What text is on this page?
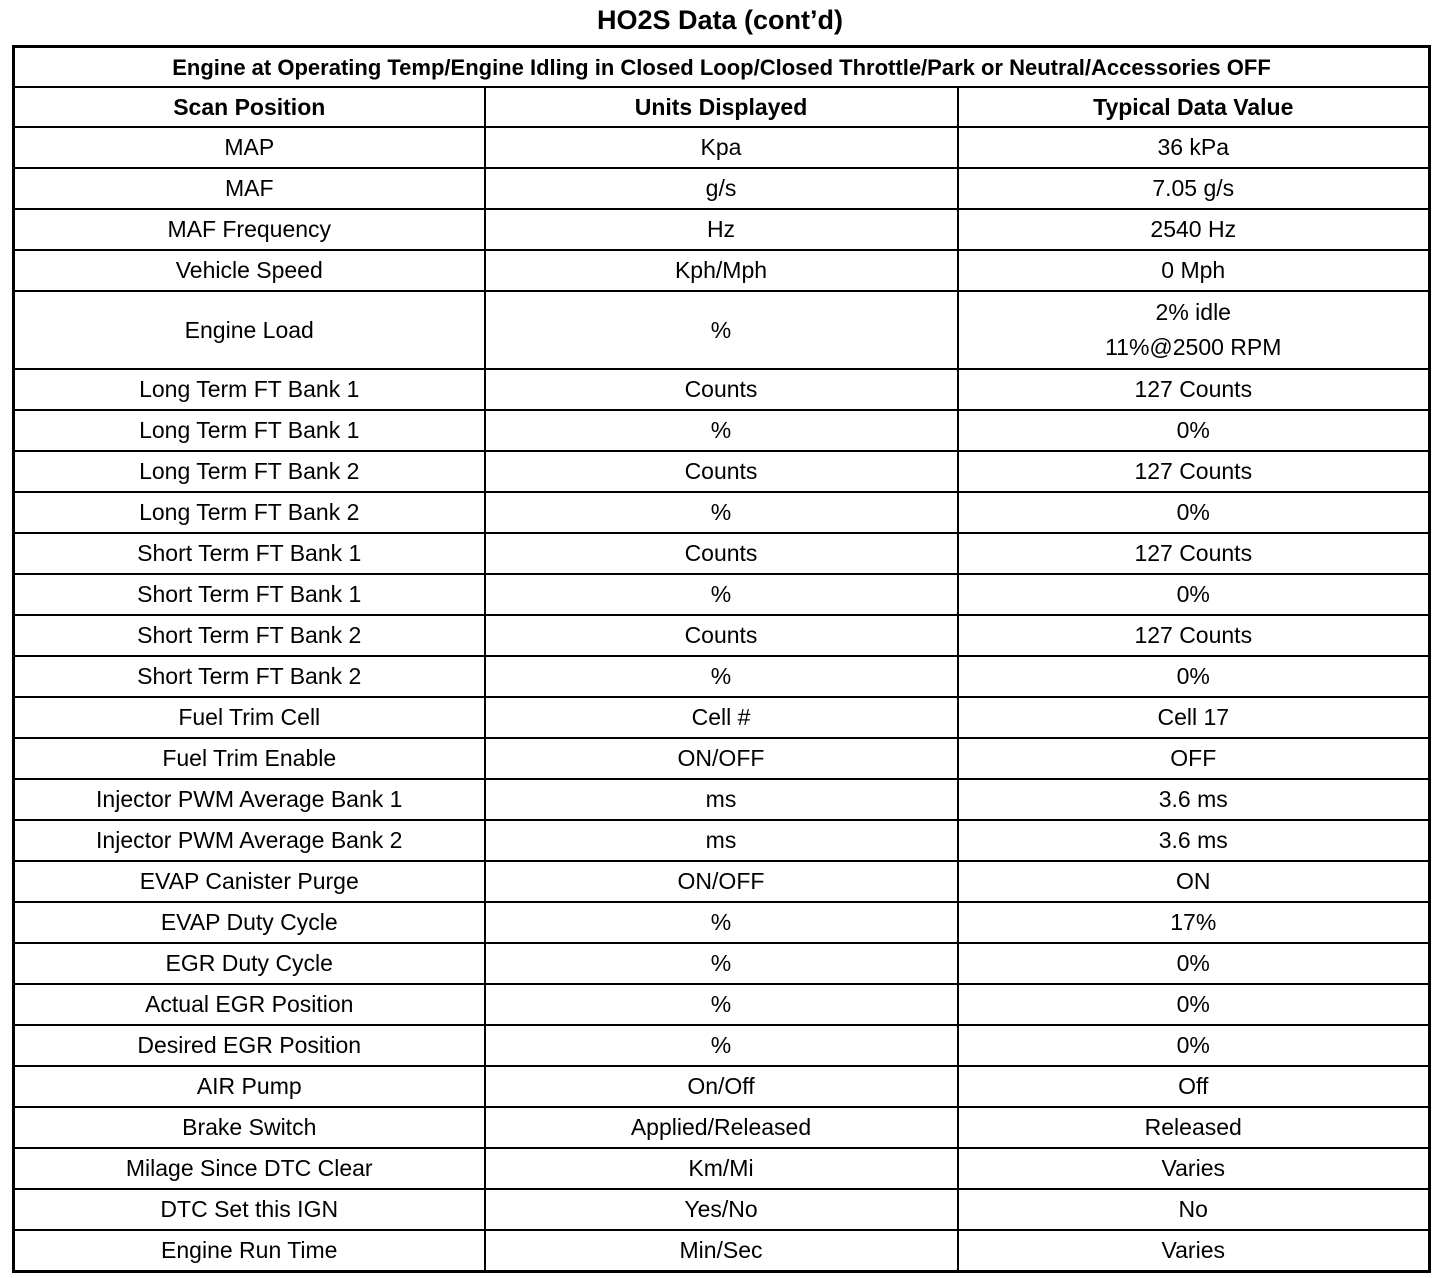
HO2S Data (cont’d)
Engine at Operating Temp/Engine Idling in Closed Loop/Closed Throttle/Park or Neutral/Accessories OFF		
Scan Position	Units Displayed	Typical Data Value
MAP	Kpa	36 kPa
MAF	g/s	7.05 g/s
MAF Frequency	Hz	2540 Hz
Vehicle Speed	Kph/Mph	0 Mph
Engine Load	%	2% idle
11%@2500 RPM

Long Term FT Bank 1	Counts	127 Counts
Long Term FT Bank 1	%	0%
Long Term FT Bank 2	Counts	127 Counts
Long Term FT Bank 2	%	0%
Short Term FT Bank 1	Counts	127 Counts
Short Term FT Bank 1	%	0%
Short Term FT Bank 2	Counts	127 Counts
Short Term FT Bank 2	%	0%
Fuel Trim Cell	Cell #	Cell 17
Fuel Trim Enable	ON/OFF	OFF
Injector PWM Average Bank 1	ms	3.6 ms
Injector PWM Average Bank 2	ms	3.6 ms
EVAP Canister Purge	ON/OFF	ON
EVAP Duty Cycle	%	17%
EGR Duty Cycle	%	0%
Actual EGR Position	%	0%
Desired EGR Position	%	0%
AIR Pump	On/Off	Off
Brake Switch	Applied/Released	Released
Milage Since DTC Clear	Km/Mi	Varies
DTC Set this IGN	Yes/No	No
Engine Run Time	Min/Sec	Varies
